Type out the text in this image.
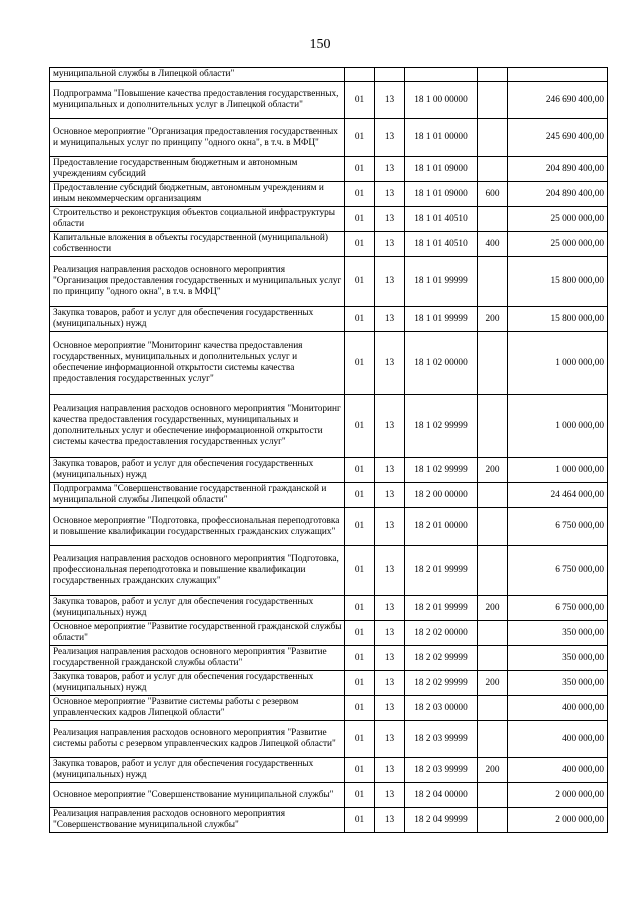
150
муниципальной службы в Липецкой области"					
Подпрограмма "Повышение качества предоставления государственных, муниципальных и дополнительных услуг в Липецкой области"	01	13	18 1 00 00000		246 690 400,00
Основное мероприятие "Организация предоставления государственных и муниципальных услуг по принципу "одного окна", в т.ч. в МФЦ"	01	13	18 1 01 00000		245 690 400,00
Предоставление государственным бюджетным и автономным учреждениям субсидий	01	13	18 1 01 09000		204 890 400,00
Предоставление субсидий бюджетным, автономным учреждениям и иным некоммерческим организациям	01	13	18 1 01 09000	600	204 890 400,00
Строительство и реконструкция объектов социальной инфраструктуры области	01	13	18 1 01 40510		25 000 000,00
Капитальные вложения в объекты государственной (муниципальной) собственности	01	13	18 1 01 40510	400	25 000 000,00
Реализация направления расходов основного мероприятия "Организация предоставления государственных и муниципальных услуг по принципу "одного окна", в т.ч. в МФЦ"	01	13	18 1 01 99999		15 800 000,00
Закупка товаров, работ и услуг для обеспечения государственных (муниципальных) нужд	01	13	18 1 01 99999	200	15 800 000,00
Основное мероприятие "Мониторинг качества предоставления государственных, муниципальных и дополнительных услуг и обеспечение информационной открытости системы качества предоставления государственных услуг"	01	13	18 1 02 00000		1 000 000,00
Реализация направления расходов основного мероприятия "Мониторинг качества предоставления государственных, муниципальных и дополнительных услуг и обеспечение информационной открытости системы качества предоставления государственных услуг"	01	13	18 1 02 99999		1 000 000,00
Закупка товаров, работ и услуг для обеспечения государственных (муниципальных) нужд	01	13	18 1 02 99999	200	1 000 000,00
Подпрограмма "Совершенствование государственной гражданской и муниципальной службы Липецкой области"	01	13	18 2 00 00000		24 464 000,00
Основное мероприятие "Подготовка, профессиональная переподготовка и повышение квалификации государственных гражданских служащих"	01	13	18 2 01 00000		6 750 000,00
Реализация направления расходов основного мероприятия "Подготовка, профессиональная переподготовка и повышение квалификации государственных гражданских служащих"	01	13	18 2 01 99999		6 750 000,00
Закупка товаров, работ и услуг для обеспечения государственных (муниципальных) нужд	01	13	18 2 01 99999	200	6 750 000,00
Основное мероприятие "Развитие государственной гражданской службы области"	01	13	18 2 02 00000		350 000,00
Реализация направления расходов основного мероприятия "Развитие государственной гражданской службы области"	01	13	18 2 02 99999		350 000,00
Закупка товаров, работ и услуг для обеспечения государственных (муниципальных) нужд	01	13	18 2 02 99999	200	350 000,00
Основное мероприятие "Развитие системы работы с резервом управленческих кадров Липецкой области"	01	13	18 2 03 00000		400 000,00
Реализация направления расходов основного мероприятия "Развитие системы работы с резервом управленческих кадров Липецкой области"	01	13	18 2 03 99999		400 000,00
Закупка товаров, работ и услуг для обеспечения государственных (муниципальных) нужд	01	13	18 2 03 99999	200	400 000,00
Основное мероприятие "Совершенствование муниципальной службы"	01	13	18 2 04 00000		2 000 000,00
Реализация направления расходов основного мероприятия "Совершенствование муниципальной службы"	01	13	18 2 04 99999		2 000 000,00
